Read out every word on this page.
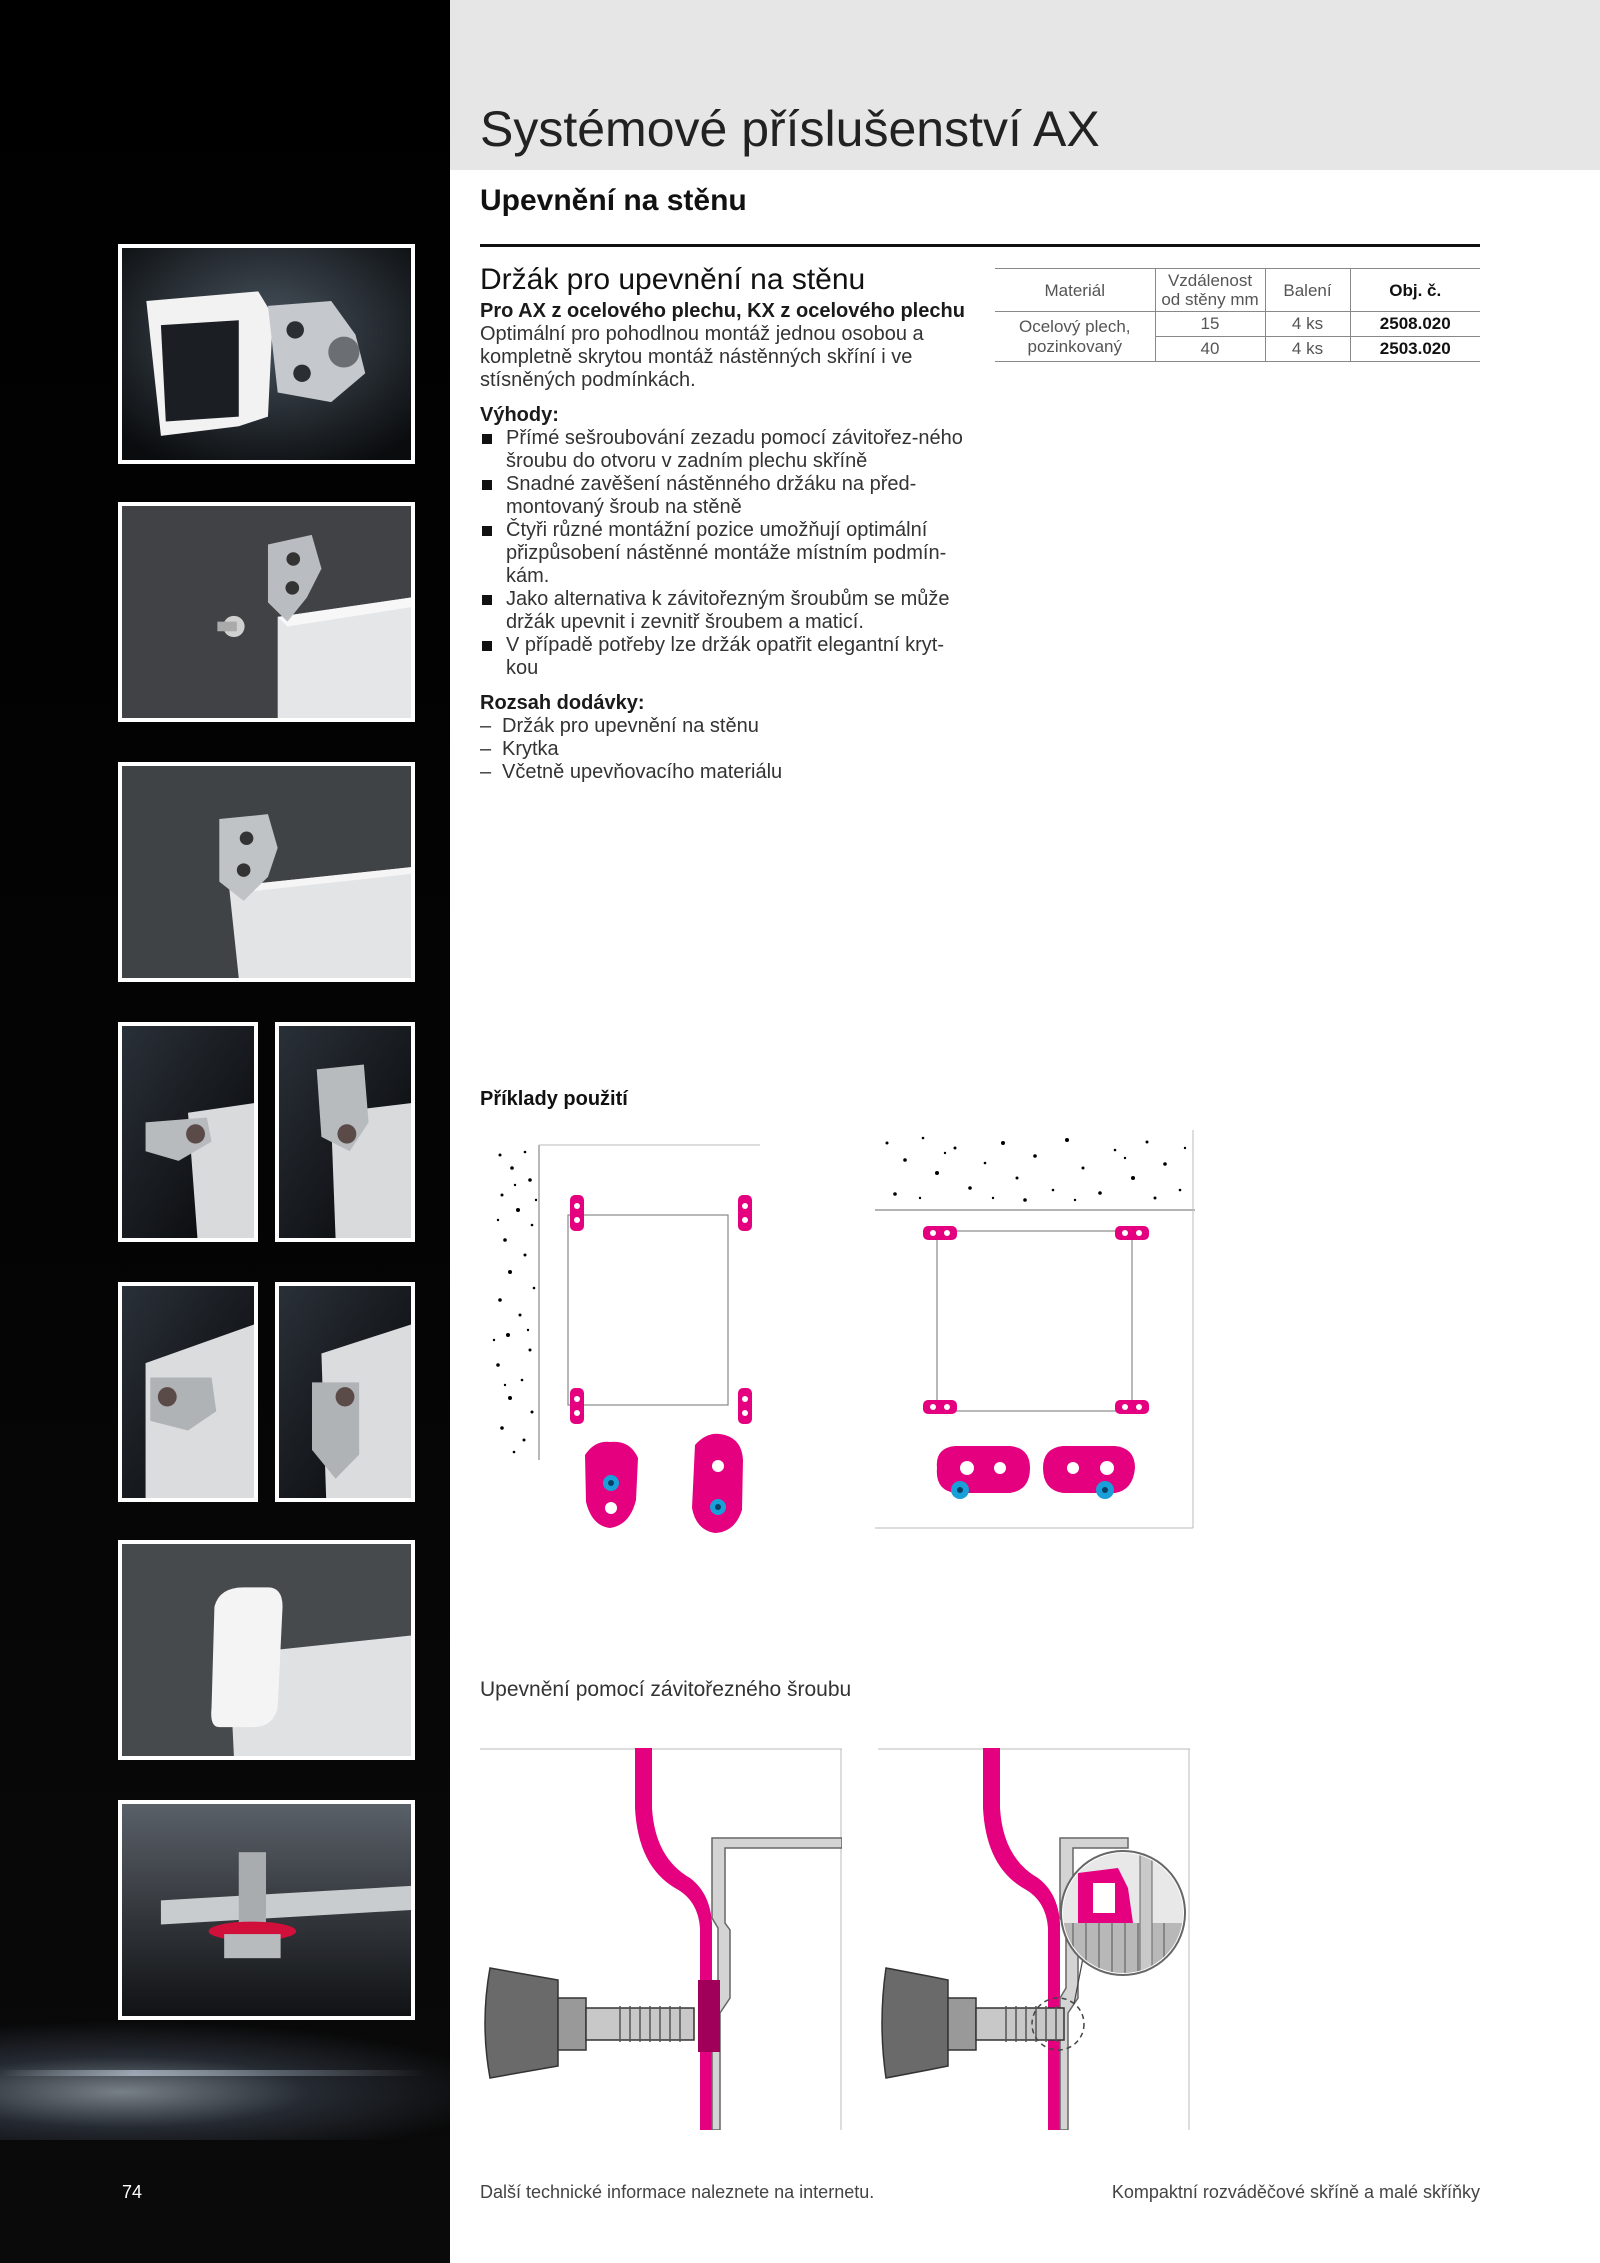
74
Systémové příslušenství AX
Upevnění na stěnu
Držák pro upevnění na stěnu
Pro AX z ocelového plechu, KX z ocelového plechu

Optimální pro pohodlnou montáž jednou osobou a kompletně skrytou montáž nástěnných skříní i ve stísněných podmínkách.

Výhody:
Přímé sešroubování zezadu pomocí závitořez-ného šroubu do otvoru v zadním plechu skříně
Snadné zavěšení nástěnného držáku na před-montovaný šroub na stěně
Čtyři různé montážní pozice umožňují optimální přizpůsobení nástěnné montáže místním podmín-kám.
Jako alternativa k závitořezným šroubům se může držák upevnit i zevnitř šroubem a maticí.
V případě potřeby lze držák opatřit elegantní kryt-kou
Rozsah dodávky:
– Držák pro upevnění na stěnu
– Krytka
– Včetně upevňovacího materiálu
Materiál	Vzdálenost od stěny mm	Balení	Obj. č.
Ocelový plech, pozinkovaný	15	4 ks	2508.020
	40	4 ks	2503.020
Příklady použití
Upevnění pomocí závitořezného šroubu
Další technické informace naleznete na internetu.	Kompaktní rozváděčové skříně a malé skříňky
